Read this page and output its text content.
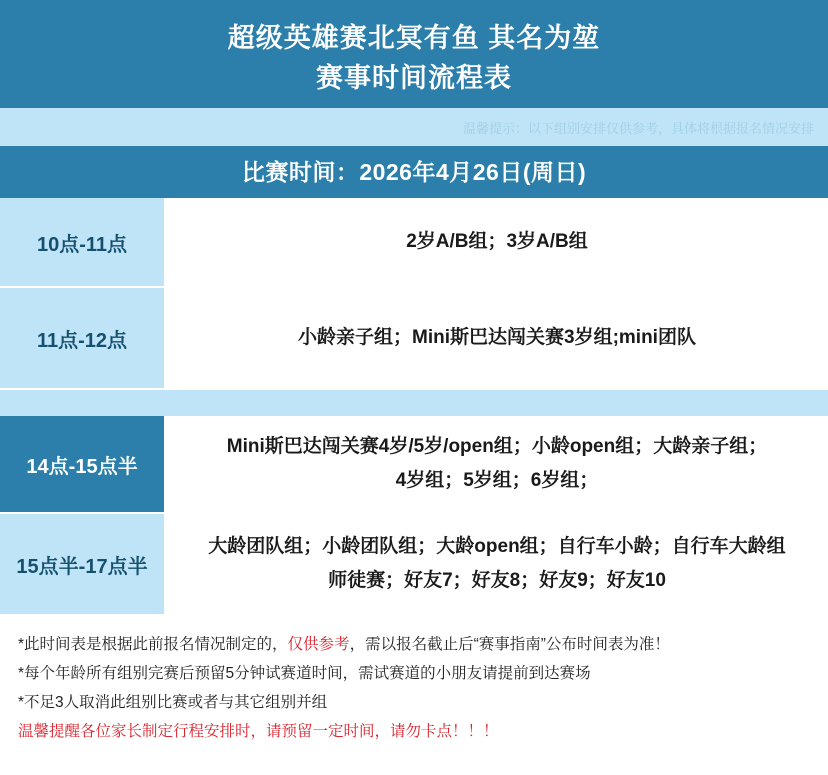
超级英雄赛北冥有鱼 其名为堃
赛事时间流程表
温馨提示：以下组别安排仅供参考，具体将根据报名情况安排
比赛时间：2026年4月26日(周日)
10点-11点	2岁A/B组；3岁A/B组
11点-12点	小龄亲子组；Mini斯巴达闯关赛3岁组;mini团队
14点-15点半
Mini斯巴达闯关赛4岁/5岁/open组；小龄open组；大龄亲子组；
4岁组；5岁组；6岁组；
15点半-17点半
大龄团队组；小龄团队组；大龄open组；自行车小龄；自行车大龄组
师徒赛；好友7；好友8；好友9；好友10
*此时间表是根据此前报名情况制定的，仅供参考，需以报名截止后“赛事指南”公布时间表为准！
*每个年龄所有组别完赛后预留5分钟试赛道时间，需试赛道的小朋友请提前到达赛场
*不足3人取消此组别比赛或者与其它组别并组
温馨提醒各位家长制定行程安排时，请预留一定时间，请勿卡点！！！
